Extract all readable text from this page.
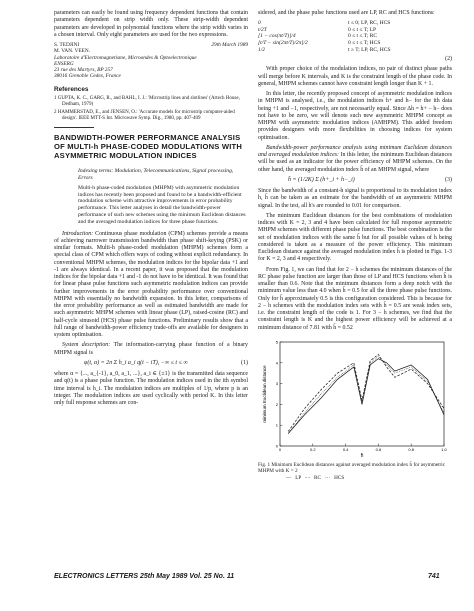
parameters can easily be found using frequency dependent functions that contain parameters dependent on strip width only. These strip-width dependent parameters are developed in polynomial functions where the strip width varies in a chosen interval. Only eight parameters are used for the two expressions.

S. TEDJINI	29th March 1989
M. VAN. VEEN.
Laboratoire d'Electromagnetisme, Microondes & Optoelectronique
ENSERG
23 rue des Martyrs, BP 257
38016 Grenoble Cedex, France
References
1 GUPTA, K. C., GARG, R., and BAHL, I. J.: 'Microstrip lines and slotlines' (Artech House, Dedham, 1979)
2 HAMMERSTAD, E., and JENSEN, O.: 'Accurate models for microstrip computer-aided design'. IEEE MTT-S Int. Microwave Symp. Dig., 1980, pp. 407-409
BANDWIDTH-POWER PERFORMANCE ANALYSIS OF MULTI-h PHASE-CODED MODULATIONS WITH ASYMMETRIC MODULATION INDICES
Indexing terms: Modulation, Telecommunications, Signal processing, Errors
Multi-h phase-coded modulation (MHPM) with asymmetric modulation indices has recently been proposed and found to be a bandwidth-efficient modulation scheme with attractive improvements in error probability performance. This letter analyses in detail the bandwidth-power performance of such new schemes using the minimum Euclidean distances and the averaged modulation indices for three phase functions.

Introduction: Continuous phase modulation (CPM) schemes provide a means of achieving narrower transmission bandwidth than phase shift-keying (PSK) or similar formats. Multi-h phase-coded modulation (MHPM) schemes form a special class of CPM which offers ways of coding without explicit redundancy. In conventional MHPM schemes, the modulation indices for the bipolar data +1 and -1 are always identical. In a recent paper, it was proposed that the modulation indices for the bipolar data +1 and -1 do not have to be identical. It was found that for linear phase pulse functions such asymmetric modulation indices can provide further improvements in the error probability performance over conventional MHPM with essentially no bandwidth expansion. In this letter, comparisons of the error probability performance as well as estimated bandwidth are made for such asymmetric MHPM schemes with linear phase (LP), raised-cosine (RC) and half-cycle sinusoid (HCS) phase pulse functions. Preliminary results show that a full range of bandwidth-power efficiency trade-offs are available for designers in system optimisation.

System description: The information-carrying phase function of a binary MHPM signal is

φ(t, α) = 2π Σ h_i a_i q(t − iT), −∞ ≤ t ≤ ∞	(1)

where α = {..., a_{-1}, a_0, a_1, ...}, a_i ∈ {±1} is the transmitted data sequence and q(t) is a phase pulse function. The modulation indices used in the ith symbol time interval is h_i. The modulation indices are multiples of 1/p, where p is an integer. The modulation indices are used cyclically with period K. In this letter only full response schemes are con-

sidered, and the phase pulse functions used are LP, RC and HCS functions:

0	t ≤ 0; LP, RC, HCS
t/2T	0 ≤ t ≤ T; LP
[1 − cos(πt/T)]/4	0 ≤ t ≤ T; RC
[t/T − sin(2πt/T)/2π]/2	0 ≤ t ≤ T; HCS
1/2	t ≥ T; LP, RC, HCS
(2)

With proper choice of the modulation indices, no pair of distinct phase paths will merge before K intervals, and K is the constraint length of the phase code. In general, MHPM schemes cannot have constraint length longer than K + 1.

In this letter, the recently proposed concept of asymmetric modulation indices in MHPM is analysed, i.e., the modulation indices h+ and h− for the ith data being +1 and −1, respectively, are not necessarily equal. Since Δh = h+ − h− does not have to be zero, we will denote such new asymmetric MHPM concept as MHPM with asymmetric modulation indices (AMHPM). This added freedom provides designers with more flexibilities in choosing indices for system optimisation.

Bandwidth-power performance analysis using minimum Euclidean distances and averaged modulation indices: In this letter, the minimum Euclidean distances will be used as an indicator for the power efficiency of MHPM schemes. On the other hand, the averaged modulation index h̄ of an MHPM signal, where

h̄ = (1/2K) Σ (h+_i + h−_i)	(3)

Since the bandwidth of a constant-h signal is proportional to its modulation index h, h̄ can be taken as an estimate for the bandwidth of an asymmetric MHPM signal. In the test, all h's are rounded to 0.01 for comparison.

The minimum Euclidean distances for the best combinations of modulation indices with K = 2, 3 and 4 have been calculated for full response asymmetric MHPM schemes with different phase pulse functions. The best combination is the set of modulation indices with the same h̄ but for all possible values of h being considered is taken as a measure of the power efficiency. This minimum Euclidean distance against the averaged modulation index h̄ is plotted in Figs. 1-3 for K = 2, 3 and 4 respectively.

From Fig. 1, we can find that for 2 − h schemes the minimum distances of the RC phase pulse function are larger than those of LP and HCS functions when h̄ is smaller than 0.6. Note that the minimum distances form a deep notch with the minimum value less than 4.0 when h̄ = 0.5 for all the three phase pulse functions. Only for h̄ approximately 0.5 is this configuration considered. This is because for 2 − h schemes with the modulation index sets with h̄ = 0.5 are weak index sets, i.e. the constraint length of the code is 1. For 3 − h schemes, we find that the constraint length is K and the highest power efficiency will be achieved at a minimum distance of 7.81 with h̄ = 0.52

0	0.2	0.4	0.6	0.8	1.0
0
1
2
3
4
5
minimum Euclidean distance
h̄
Fig. 1 Minimum Euclidean distances against averaged modulation index h̄ for asymmetric MHPM with K = 2
— LP - - RC ··· HCS
ELECTRONICS LETTERS 25th May 1989 Vol. 25 No. 11	741
